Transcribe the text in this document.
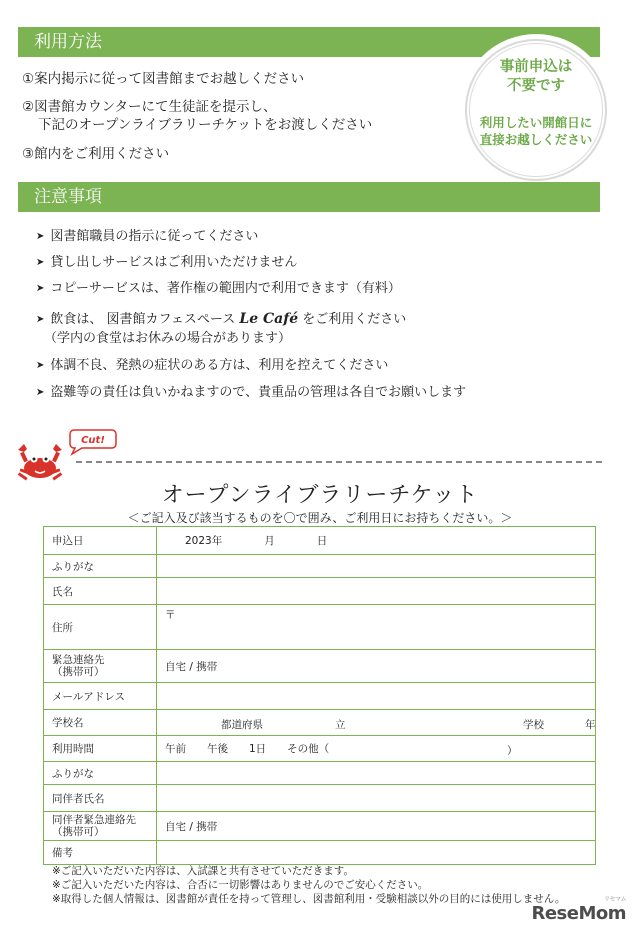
利用方法
①案内掲示に従って図書館までお越しください
②図書館カウンターにて生徒証を提示し、
下記のオープンライブラリーチケットをお渡しください
③館内をご利用ください
事前申込は
不要です
利用したい開館日に
直接お越しください
注意事項
➤ 図書館職員の指示に従ってください
➤ 貸し出しサービスはご利用いただけません
➤ コピーサービスは、著作権の範囲内で利用できます（有料）
➤ 飲食は、 図書館カフェスペース Le Café をご利用ください
（学内の食堂はお休みの場合があります）
➤ 体調不良、発熱の症状のある方は、利用を控えてください
➤ 盗難等の責任は負いかねますので、貴重品の管理は各自でお願いします
Cut!
オープンライブラリーチケット
＜ご記入及び該当するものを〇で囲み、ご利用日にお持ちください。＞
申込日	2023年　　　　月　　　　日
ふりがな	
氏名	
住所	〒

緊急連絡先
（携帯可）	自宅 / 携帯
メールアドレス	
学校名	都道府県 立 学校 年

利用時間	午前　　午後　　1日　　その他（ ）

ふりがな	
同伴者氏名	

同伴者緊急連絡先
（携帯可）	自宅 / 携帯
備考	
※ご記入いただいた内容は、入試課と共有させていただきます。
※ご記入いただいた内容は、合否に一切影響はありませんのでご安心ください。
※取得した個人情報は、図書館が責任を持って管理し、図書館利用・受験相談以外の目的には使用しません。	リセマム
ReseMom
